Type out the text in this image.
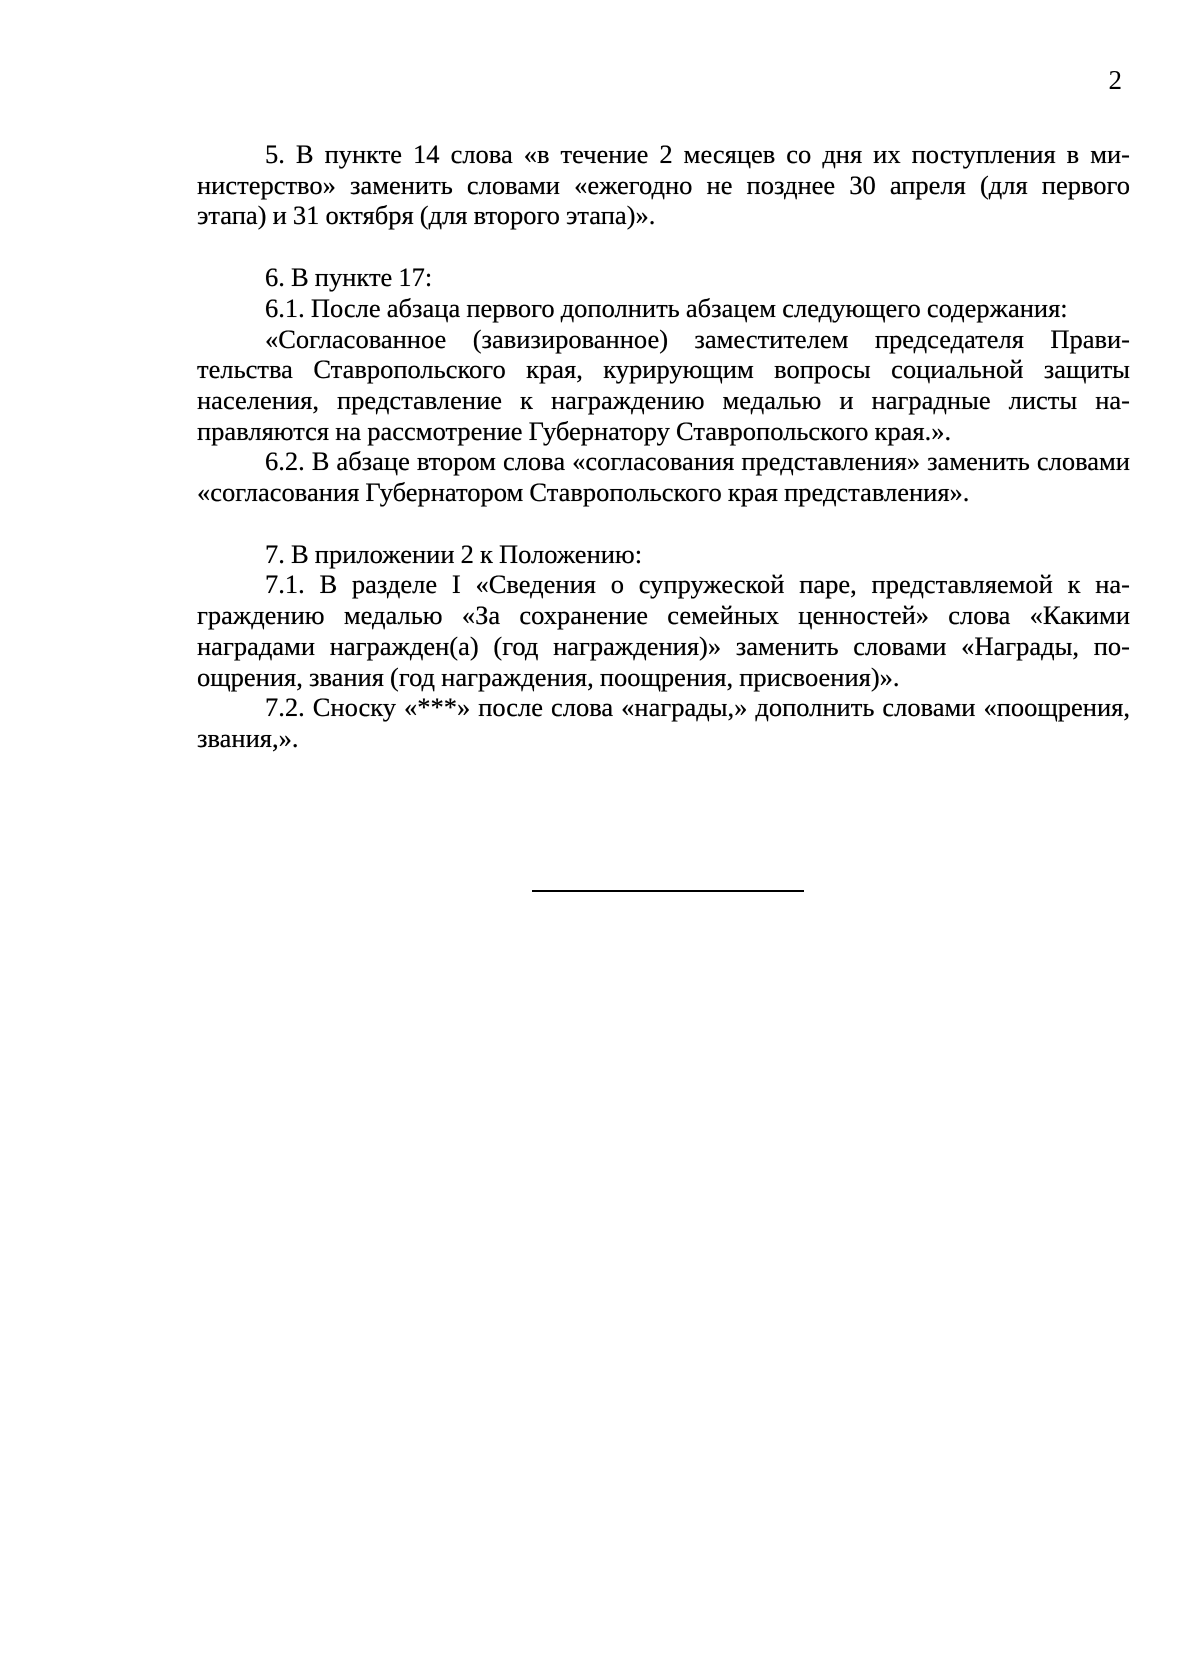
2

5. В пункте 14 слова «в течение 2 месяцев со дня их поступления в министерство» заменить словами «ежегодно не позднее 30 апреля (для первого этапа) и 31 октября (для второго этапа)».

6. В пункте 17:

6.1. После абзаца первого дополнить абзацем следующего содержания:

«Согласованное (завизированное) заместителем председателя Правительства Ставропольского края, курирующим вопросы социальной защиты населения, представление к награждению медалью и наградные листы направляются на рассмотрение Губернатору Ставропольского края.».

6.2. В абзаце втором слова «согласования представления» заменить словами «согласования Губернатором Ставропольского края представления».

7. В приложении 2 к Положению:

7.1. В разделе I «Сведения о супружеской паре, представляемой к награждению медалью «За сохранение семейных ценностей» слова «Какими наградами награжден(а) (год награждения)» заменить словами «Награды, поощрения, звания (год награждения, поощрения, присвоения)».

7.2. Сноску «***» после слова «награды,» дополнить словами «поощрения, звания,».
